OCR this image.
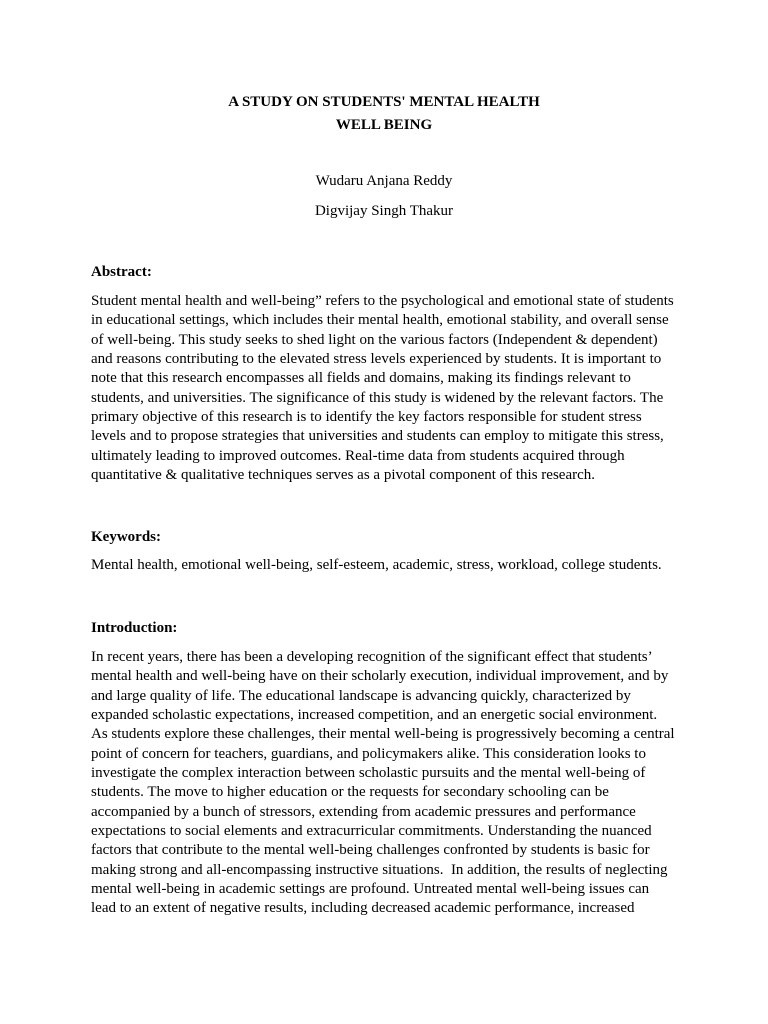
A STUDY ON STUDENTS' MENTAL HEALTH
WELL BEING
Wudaru Anjana Reddy
Digvijay Singh Thakur
Abstract:
Student mental health and well-being” refers to the psychological and emotional state of students
in educational settings, which includes their mental health, emotional stability, and overall sense
of well-being. This study seeks to shed light on the various factors (Independent & dependent)
and reasons contributing to the elevated stress levels experienced by students. It is important to
note that this research encompasses all fields and domains, making its findings relevant to
students, and universities. The significance of this study is widened by the relevant factors. The
primary objective of this research is to identify the key factors responsible for student stress
levels and to propose strategies that universities and students can employ to mitigate this stress,
ultimately leading to improved outcomes. Real-time data from students acquired through
quantitative & qualitative techniques serves as a pivotal component of this research.
Keywords:
Mental health, emotional well-being, self-esteem, academic, stress, workload, college students.
Introduction:
In recent years, there has been a developing recognition of the significant effect that students’
mental health and well-being have on their scholarly execution, individual improvement, and by
and large quality of life. The educational landscape is advancing quickly, characterized by
expanded scholastic expectations, increased competition, and an energetic social environment.
As students explore these challenges, their mental well-being is progressively becoming a central
point of concern for teachers, guardians, and policymakers alike. This consideration looks to
investigate the complex interaction between scholastic pursuits and the mental well-being of
students. The move to higher education or the requests for secondary schooling can be
accompanied by a bunch of stressors, extending from academic pressures and performance
expectations to social elements and extracurricular commitments. Understanding the nuanced
factors that contribute to the mental well-being challenges confronted by students is basic for
making strong and all-encompassing instructive situations.  In addition, the results of neglecting
mental well-being in academic settings are profound. Untreated mental well-being issues can
lead to an extent of negative results, including decreased academic performance, increased
